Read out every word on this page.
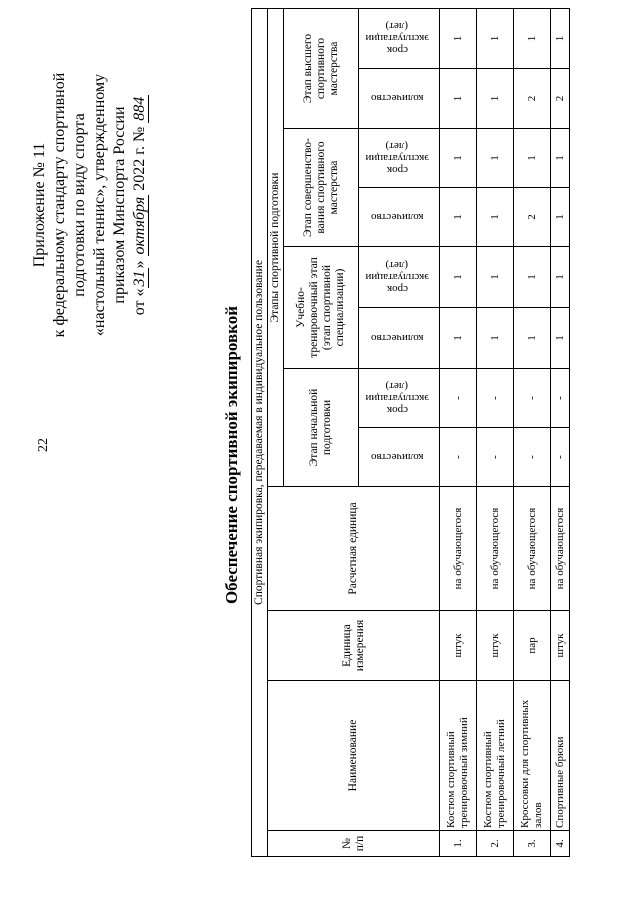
22
Приложение № 11 к федеральному стандарту спортивной подготовки по виду спорта «настольный теннис», утвержденному приказом Минспорта России от «31» октября 2022 г. № 884
Обеспечение спортивной экипировкой Спортивная экипировка, передаваемая в индивидуальное пользование											
№ п/п	Наименование	Единица измерения	Расчетная единица	Этапы спортивной подготовки							
				Этап начальной подготовки		Учебно-тренировочный этап (этап спортивной специализации)		Этап совершенство-вания спортивного мастерства		Этап высшего спортивного мастерства	
				количество	срок эксплуатации (лет)	количество	срок эксплуатации (лет)	количество	срок эксплуатации (лет)	количество	срок эксплуатации (лет)
1.	Костюм спортивный тренировочный зимний	штук	на обучающегося	-	-	1	1	1	1	1	1
2.	Костюм спортивный тренировочный летний	штук	на обучающегося	-	-	1	1	1	1	1	1
3.	Кроссовки для спортивных залов	пар	на обучающегося	-	-	1	1	2	1	2	1
4.	Спортивные брюки	штук	на обучающегося	-	-	1	1	1	1	2	1
